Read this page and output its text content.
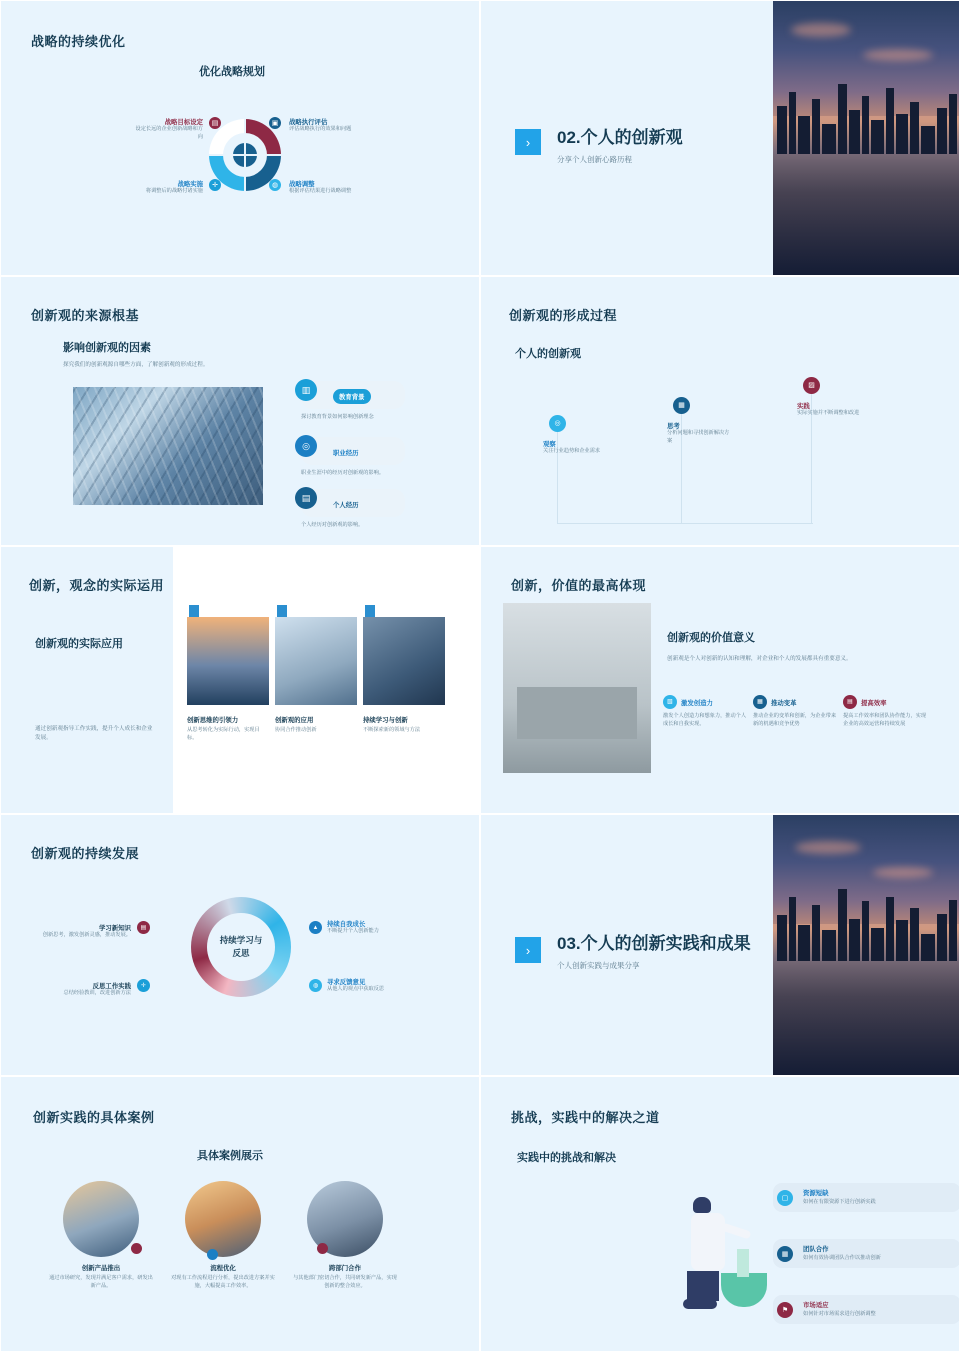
战略的持续优化
优化战略规划
战略目标设定
设定长远的企业创新战略和方向
▤	战略执行评估
评估战略执行的效果和问题
▣
战略实施
将调整后的战略付诸实施
✛	战略调整
根据评估结果进行战略调整
◍
›	02.个人的创新观
分享个人创新心路历程
创新观的来源根基
影响创新观的因素
探究我们的创新观源自哪些方面，了解创新观的形成过程。
▥
教育背景
探讨教育背景如何影响创新理念
◎
职业经历
职业生涯中的经历对创新观的影响。
▤
个人经历
个人经历对创新观的影响。
创新观的形成过程
个人的创新观
◎
观察
关注行业趋势和企业需求
▦
思考
分析问题和寻找创新解决方案
▨
实践
实际实施并不断调整和改进
创新，观念的实际运用
创新观的实际应用
通过创新观指导工作实践，提升个人成长和企业发展。
创新思维的引领力
从思考转化为实际行动，实现目标。
创新观的应用
协同合作推动创新
持续学习与创新
不断探索新的领域与方法
创新，价值的最高体现
创新观的价值意义
创新观是个人对创新的认知和理解，对企业和个人的发展都具有重要意义。
▧ 激发创造力
激发个人创造力和想象力，推动个人成长和自我实现。
▦ 推动变革
推动企业的变革和创新，为企业带来新的机遇和竞争优势
▤ 提高效率
提高工作效率和团队协作能力，实现企业的高效运营和持续发展
创新观的持续发展
持续学习与
反思
学习新知识
创新思考，激发创新灵感，推动发展。
▤	▲ 持续自我成长
不断提升个人创新能力
反思工作实践
总结经验教训，改进创新方法
✛	◍ 寻求反馈意见
从他人的观点中获取反思
›	03.个人的创新实践和成果
个人创新实践与成果分享
创新实践的具体案例
具体案例展示
创新产品推出
通过市场研究，发现并满足客户需求，研发出新产品。
流程优化
对现有工作流程进行分析，提出改进方案并实施，大幅提高工作效率。
跨部门合作
与其他部门密切合作，共同研发新产品，实现创新的整合效应。
挑战，实践中的解决之道
实践中的挑战和解决
▢
资源短缺
如何在有限资源下进行创新实践
▦
团队合作
如何有效协调团队合作以推动创新
⚑
市场适应
如何针对市场需求进行创新调整
